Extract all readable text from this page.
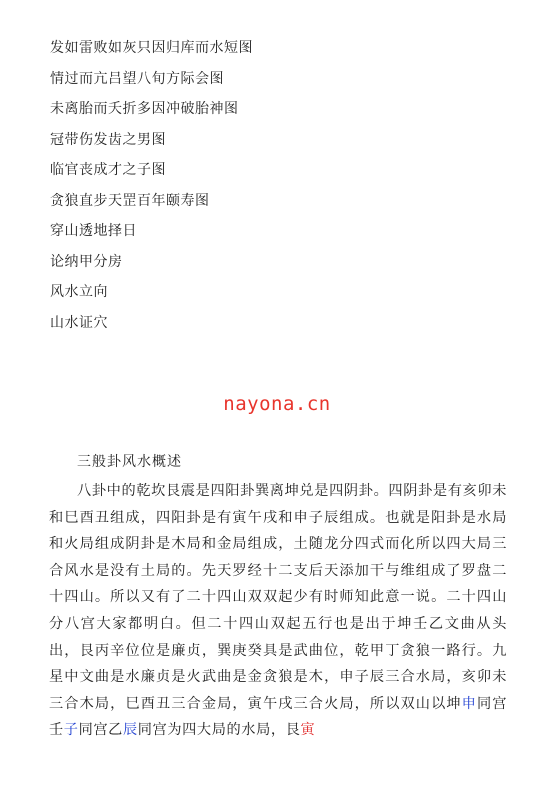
发如雷败如灰只因归库而水短图
情过而亢吕望八旬方际会图
未离胎而夭折多因冲破胎神图
冠带伤发齿之男图
临官丧成才之子图
贪狼直步天罡百年颐寿图
穿山透地择日
论纳甲分房
风水立向
山水证穴
nayona.cn
三般卦风水概述

八卦中的乾坎艮震是四阳卦巽离坤兑是四阴卦。四阴卦是有亥卯未和巳酉丑组成，四阳卦是有寅午戌和申子辰组成。也就是阳卦是水局和火局组成阴卦是木局和金局组成，土随龙分四式而化所以四大局三合风水是没有土局的。先天罗经十二支后天添加干与维组成了罗盘二十四山。所以又有了二十四山双双起少有时师知此意一说。二十四山分八宫大家都明白。但二十四山双起五行也是出于坤壬乙文曲从头出，艮丙辛位位是廉贞，巽庚癸具是武曲位，乾甲丁贪狼一路行。九星中文曲是水廉贞是火武曲是金贪狼是木，申子辰三合水局，亥卯未三合木局，巳酉丑三合金局，寅午戌三合火局，所以双山以坤申同宫壬子同宫乙辰同宫为四大局的水局，艮寅
